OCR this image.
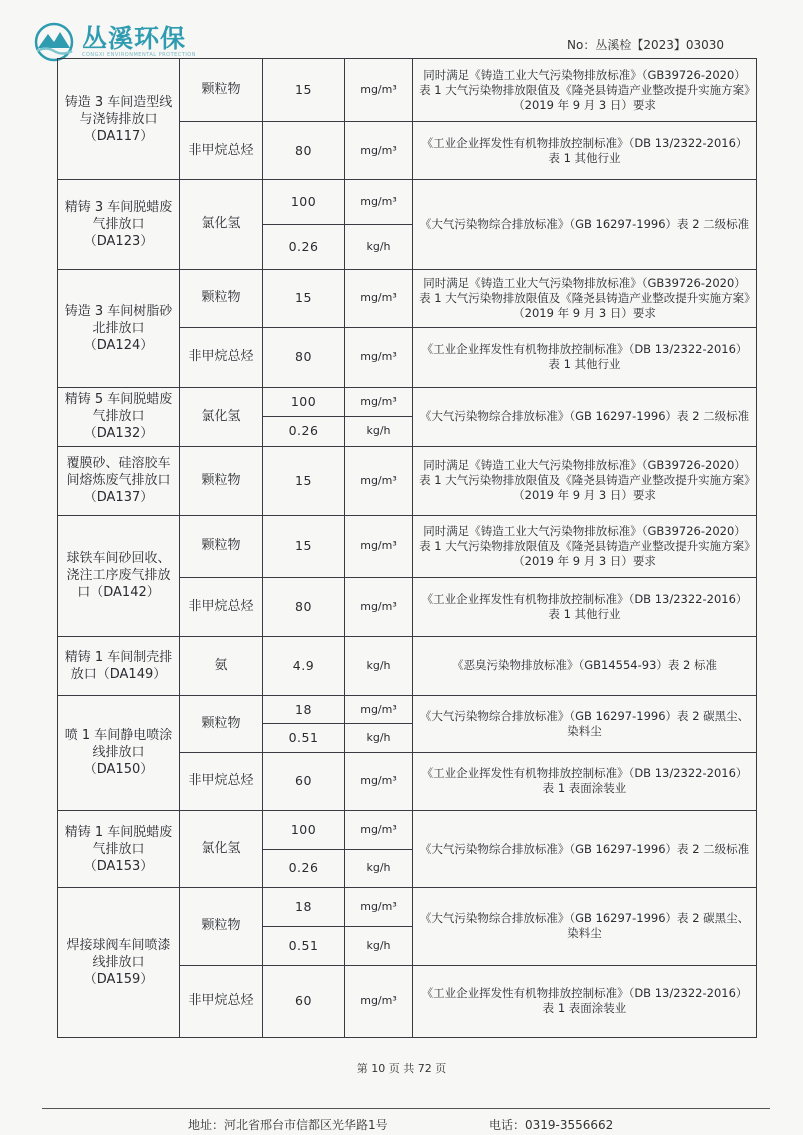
丛溪环保
CONGXI ENVIRONMENTAL PROTECTION
No：丛溪检【2023】03030
铸造 3 车间造型线与浇铸排放口（DA117）	颗粒物	15	mg/m³	同时满足《铸造工业大气污染物排放标准》（GB39726-2020）表 1 大气污染物排放限值及《隆尧县铸造产业整改提升实施方案》（2019 年 9 月 3 日）要求
	非甲烷总烃	80	mg/m³	《工业企业挥发性有机物排放控制标准》（DB 13/2322-2016）表 1 其他行业
精铸 3 车间脱蜡废气排放口（DA123）	氯化氢	100	mg/m³	《大气污染物综合排放标准》（GB 16297-1996）表 2 二级标准
		0.26	kg/h	
铸造 3 车间树脂砂北排放口（DA124）	颗粒物	15	mg/m³	同时满足《铸造工业大气污染物排放标准》（GB39726-2020）表 1 大气污染物排放限值及《隆尧县铸造产业整改提升实施方案》（2019 年 9 月 3 日）要求
	非甲烷总烃	80	mg/m³	《工业企业挥发性有机物排放控制标准》（DB 13/2322-2016）表 1 其他行业
精铸 5 车间脱蜡废气排放口（DA132）	氯化氢	100	mg/m³	《大气污染物综合排放标准》（GB 16297-1996）表 2 二级标准
		0.26	kg/h	
覆膜砂、硅溶胶车间熔炼废气排放口（DA137）	颗粒物	15	mg/m³	同时满足《铸造工业大气污染物排放标准》（GB39726-2020）表 1 大气污染物排放限值及《隆尧县铸造产业整改提升实施方案》（2019 年 9 月 3 日）要求
球铁车间砂回收、浇注工序废气排放口（DA142）	颗粒物	15	mg/m³	同时满足《铸造工业大气污染物排放标准》（GB39726-2020）表 1 大气污染物排放限值及《隆尧县铸造产业整改提升实施方案》（2019 年 9 月 3 日）要求
	非甲烷总烃	80	mg/m³	《工业企业挥发性有机物排放控制标准》（DB 13/2322-2016）表 1 其他行业
精铸 1 车间制壳排放口（DA149）	氨	4.9	kg/h	《恶臭污染物排放标准》（GB14554-93）表 2 标准
喷 1 车间静电喷涂线排放口（DA150）	颗粒物	18	mg/m³	《大气污染物综合排放标准》（GB 16297-1996）表 2 碳黑尘、染料尘
		0.51	kg/h	
	非甲烷总烃	60	mg/m³	《工业企业挥发性有机物排放控制标准》（DB 13/2322-2016）表 1 表面涂装业
精铸 1 车间脱蜡废气排放口（DA153）	氯化氢	100	mg/m³	《大气污染物综合排放标准》（GB 16297-1996）表 2 二级标准
		0.26	kg/h	
焊接球阀车间喷漆线排放口（DA159）	颗粒物	18	mg/m³	《大气污染物综合排放标准》（GB 16297-1996）表 2 碳黑尘、染料尘
		0.51	kg/h	
	非甲烷总烃	60	mg/m³	《工业企业挥发性有机物排放控制标准》（DB 13/2322-2016）表 1 表面涂装业
第 10 页 共 72 页
地址：河北省邢台市信都区光华路1号	电话：0319-3556662
